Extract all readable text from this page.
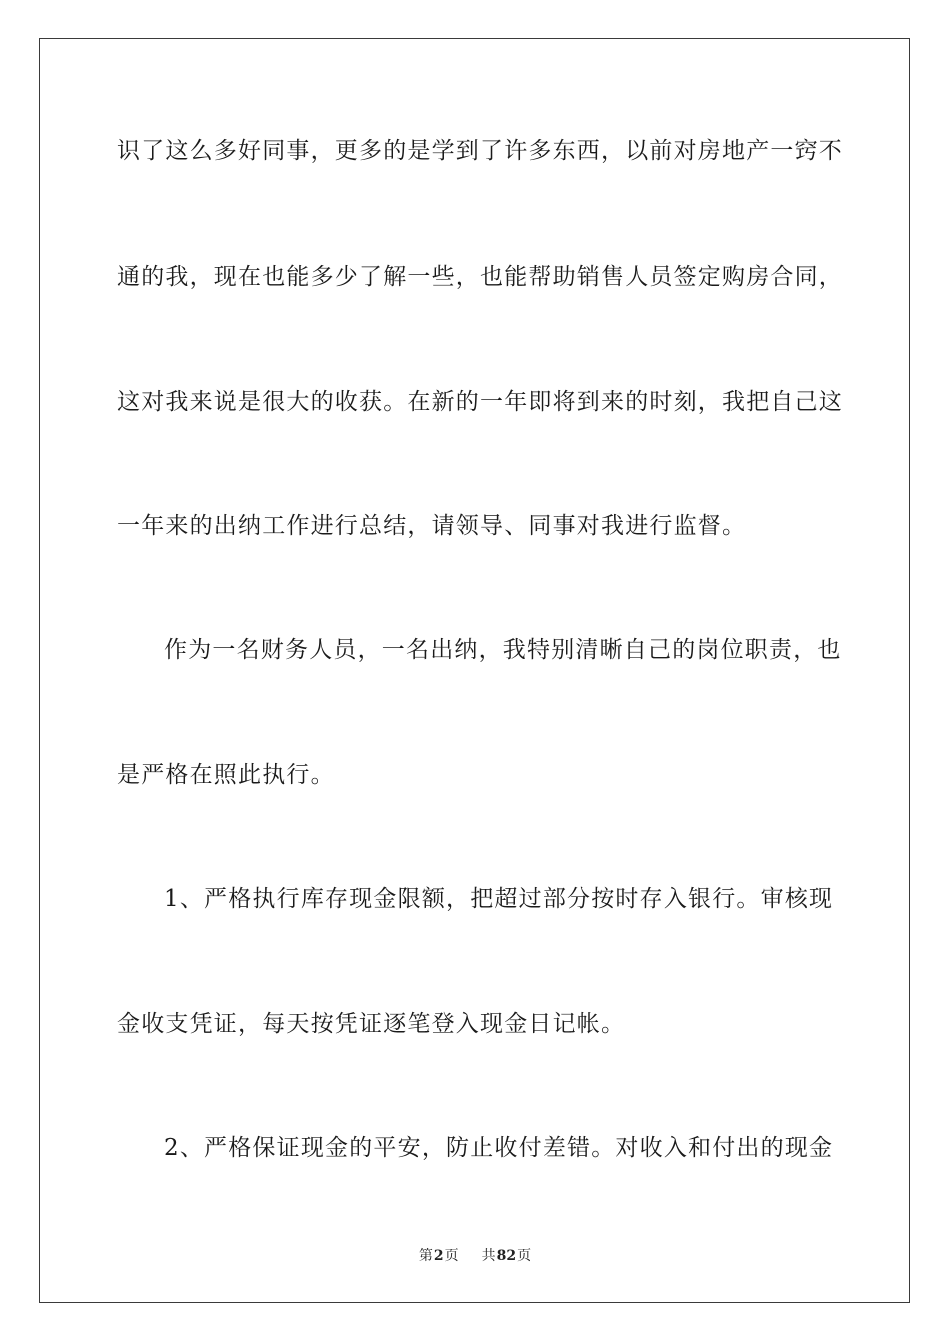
识了这么多好同事，更多的是学到了许多东西，以前对房地产一窍不
通的我，现在也能多少了解一些，也能帮助销售人员签定购房合同，
这对我来说是很大的收获。在新的一年即将到来的时刻，我把自己这
一年来的出纳工作进行总结，请领导、同事对我进行监督。
作为一名财务人员，一名出纳，我特别清晰自己的岗位职责，也
是严格在照此执行。
1、严格执行库存现金限额，把超过部分按时存入银行。审核现
金收支凭证，每天按凭证逐笔登入现金日记帐。
2、严格保证现金的平安，防止收付差错。对收入和付出的现金
第2页 共82页
